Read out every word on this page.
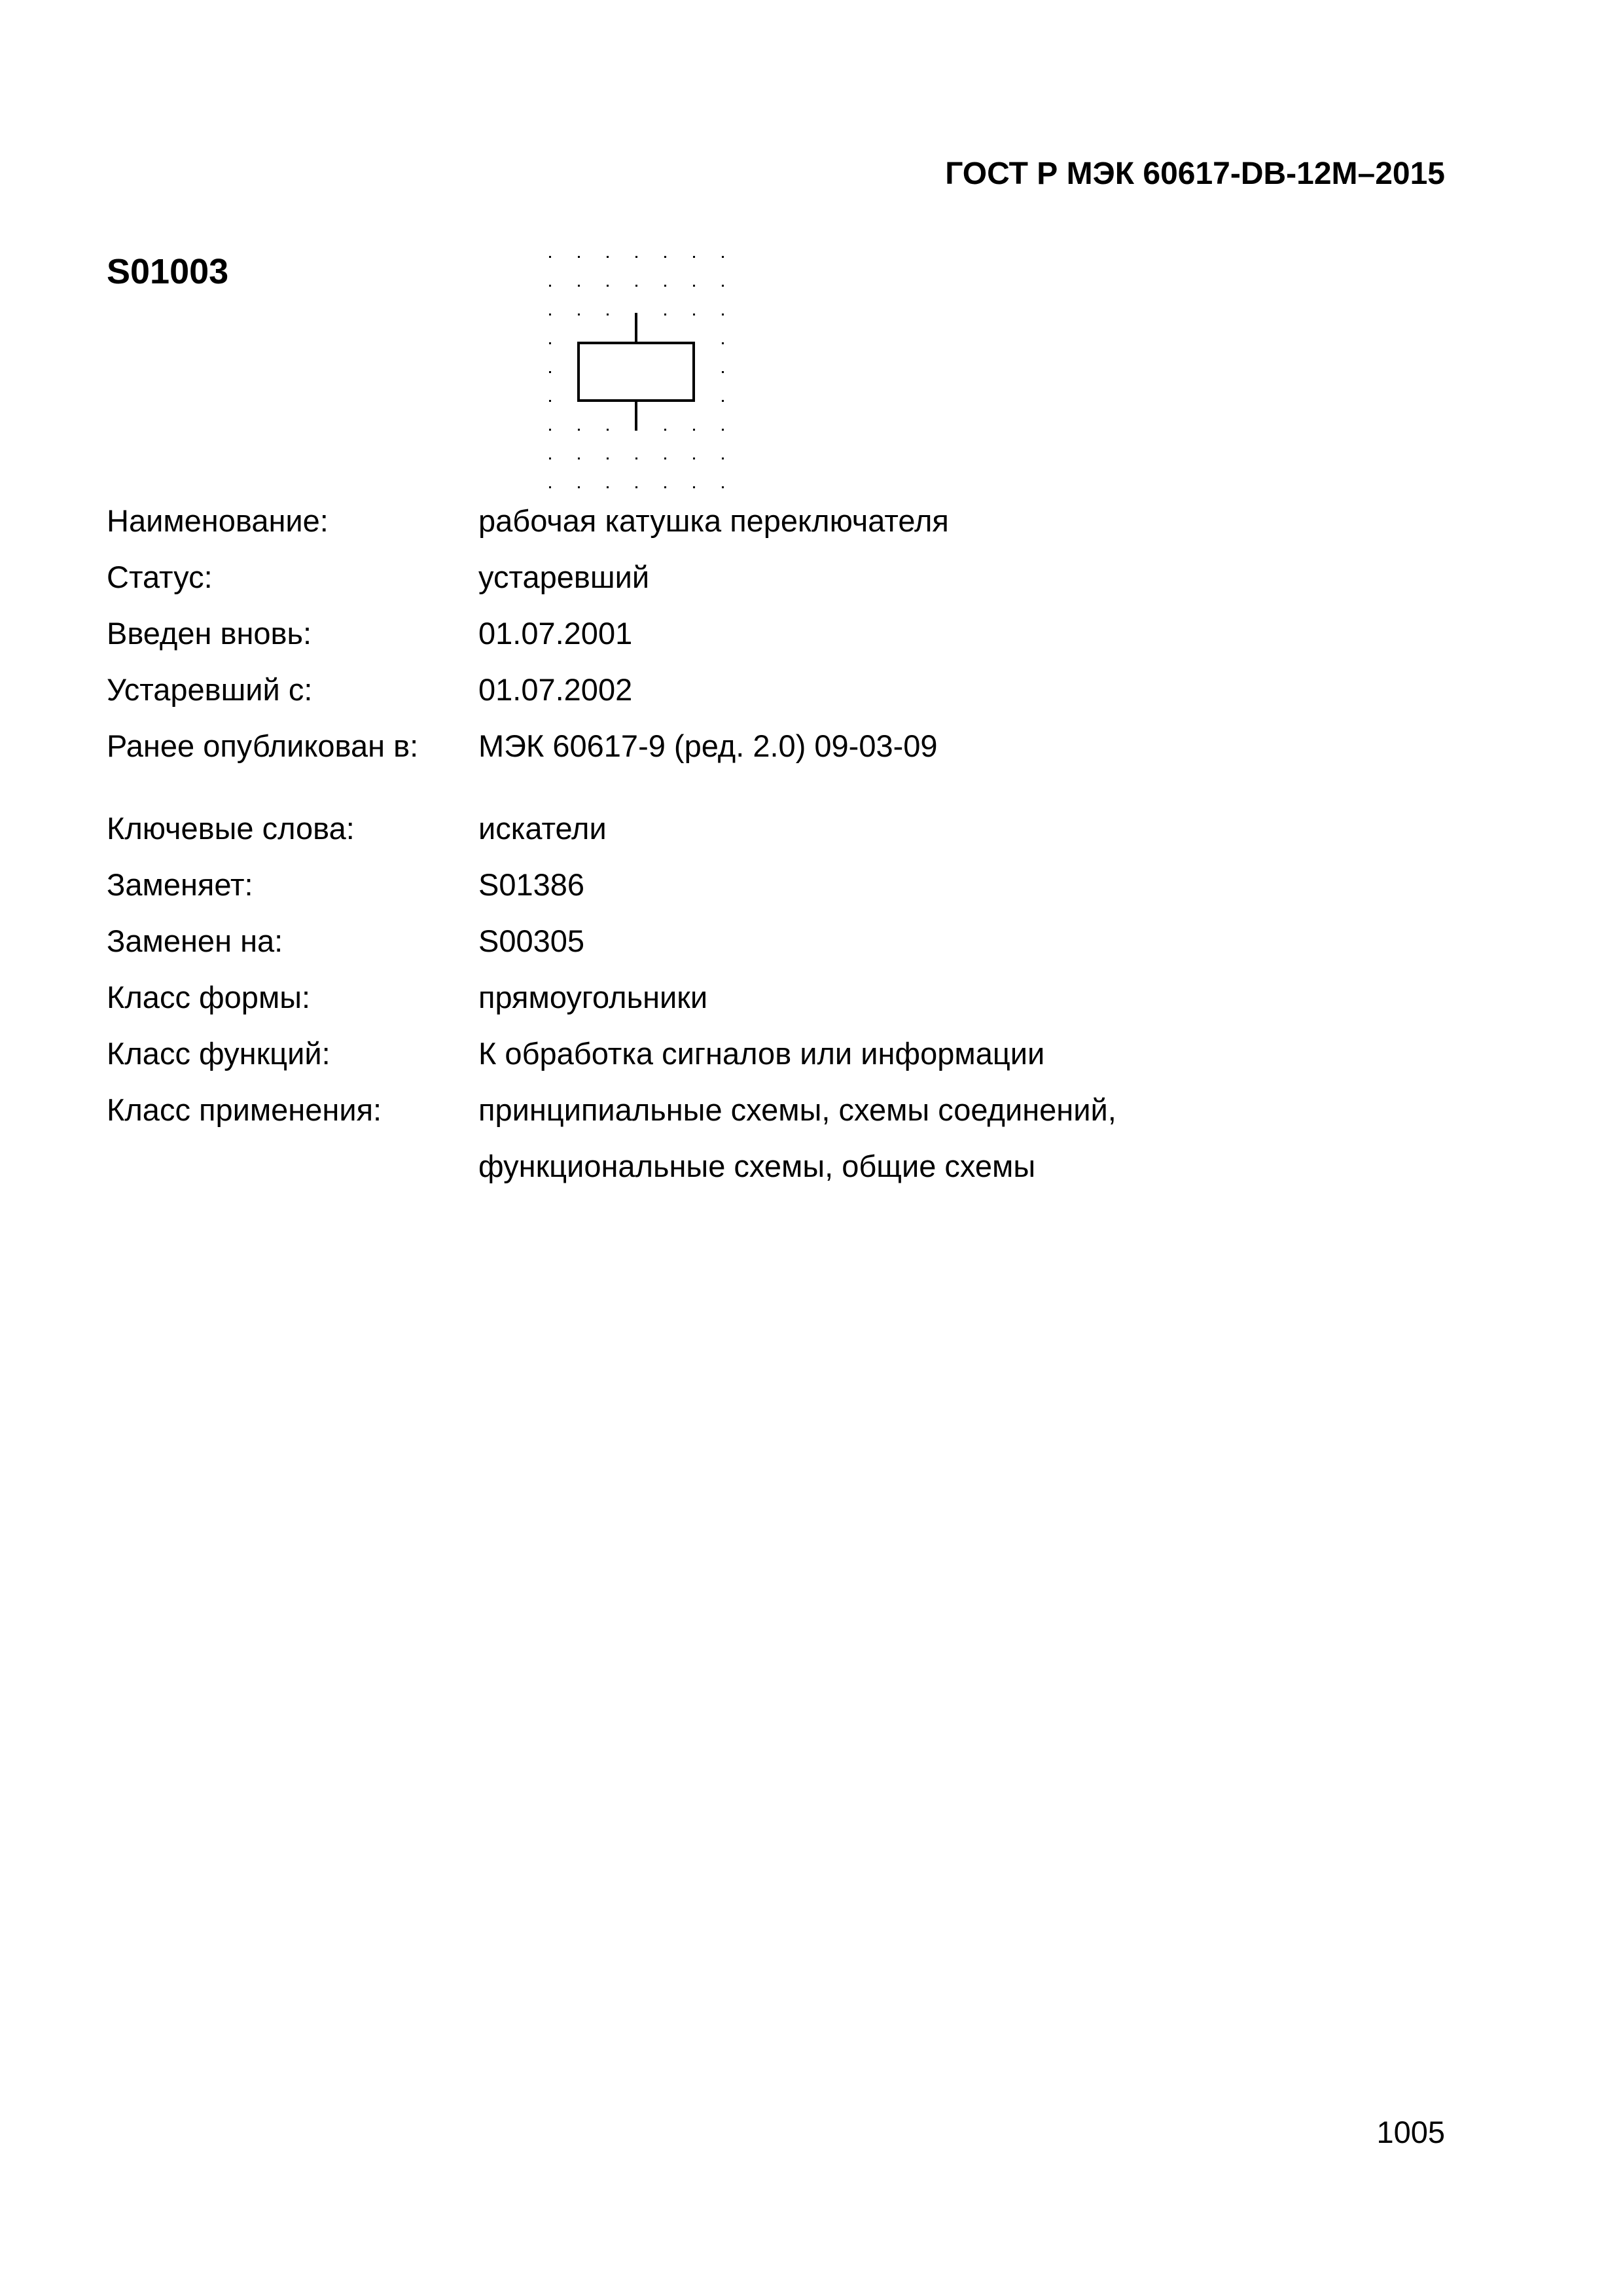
ГОСТ Р МЭК 60617-DB-12M–2015
S01003
Наименование:	рабочая катушка переключателя
Статус:	устаревший
Введен вновь:	01.07.2001
Устаревший с:	01.07.2002
Ранее опубликован в: МЭК 60617-9 (ред. 2.0) 09-03-09
Ключевые слова:	искатели
Заменяет:	S01386
Заменен на:	S00305
Класс формы:	прямоугольники
Класс функций:	К обработка сигналов или информации
Класс применения:	принципиальные схемы, схемы соединений,
функциональные схемы, общие схемы
1005
